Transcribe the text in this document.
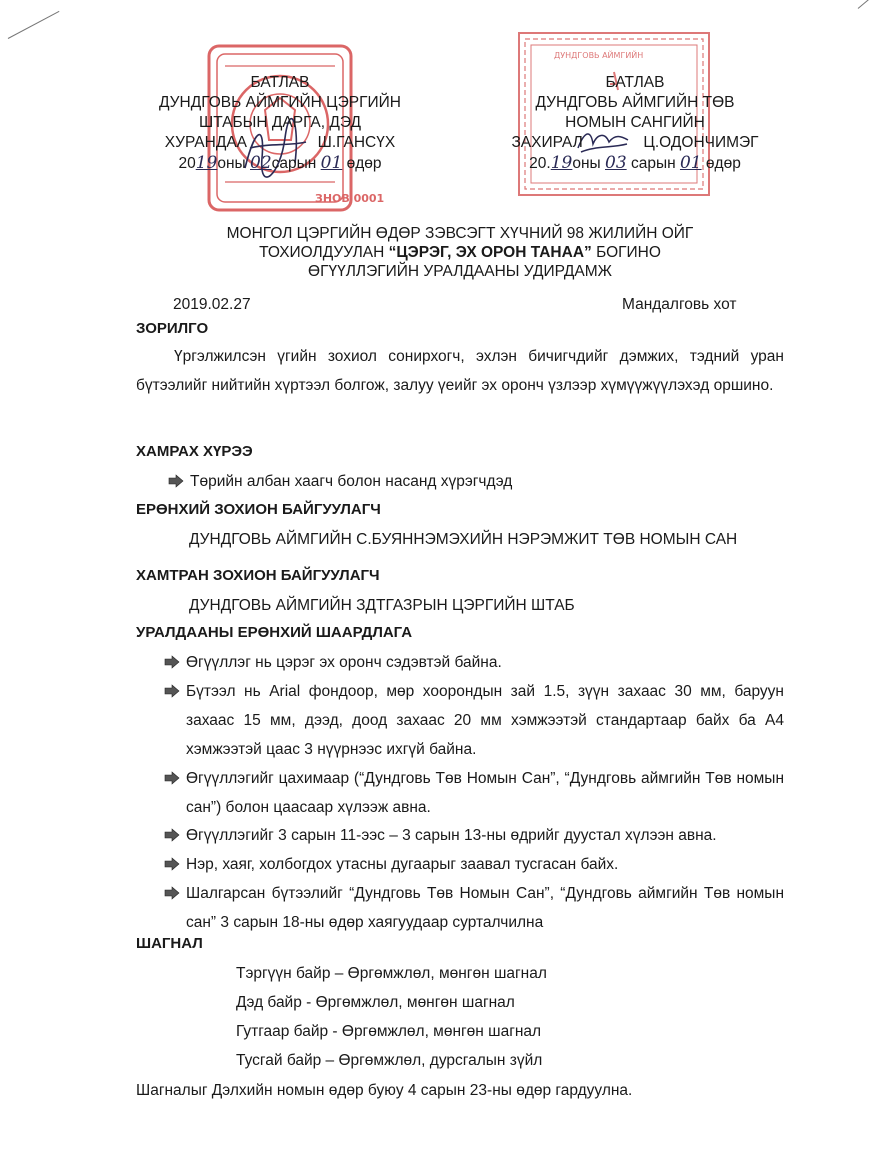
ЗНОВ 0001
ДУНДГОВЬ АЙМГИЙН
БАТЛАВ
ДУНДГОВЬ АЙМГИЙН ЦЭРГИЙН
ШТАБЫН ДАРГА, ДЭД
ХУРАНДАА	Ш.ГАНСҮХ
2019оны 02сарын 01 өдөр
БАТЛАВ
ДУНДГОВЬ АЙМГИЙН ТӨВ
НОМЫН САНГИЙН
ЗАХИРАЛ	Ц.ОДОНЧИМЭГ
20.19оны 03 сарын 01 өдөр
МОНГОЛ ЦЭРГИЙН ӨДӨР ЗЭВСЭГТ ХҮЧНИЙ 98 ЖИЛИЙН ОЙГ
ТОХИОЛДУУЛАН “ЦЭРЭГ, ЭХ ОРОН ТАНАА” БОГИНО
ӨГҮҮЛЛЭГИЙН УРАЛДААНЫ УДИРДАМЖ
2019.02.27	Мандалговь хот
ЗОРИЛГО

Үргэлжилсэн үгийн зохиол сонирхогч, эхлэн бичигчдийг дэмжих, тэдний уран бүтээлийг нийтийн хүртээл болгож, залуу үеийг эх оронч үзлээр хүмүүжүүлэхэд оршино.

ХАМРАХ ХҮРЭЭ
Төрийн албан хаагч болон насанд хүрэгчдэд
ЕРӨНХИЙ ЗОХИОН БАЙГУУЛАГЧ
ДУНДГОВЬ АЙМГИЙН С.БУЯННЭМЭХИЙН НЭРЭМЖИТ ТӨВ НОМЫН САН
ХАМТРАН ЗОХИОН БАЙГУУЛАГЧ
ДУНДГОВЬ АЙМГИЙН ЗДТГАЗРЫН ЦЭРГИЙН ШТАБ
УРАЛДААНЫ ЕРӨНХИЙ ШААРДЛАГА
Өгүүллэг нь цэрэг эх оронч сэдэвтэй байна.
Бүтээл нь Arial фондоор, мөр хоорондын зай 1.5, зүүн захаас 30 мм, баруун захаас 15 мм, дээд, доод захаас 20 мм хэмжээтэй стандартаар байх ба А4 хэмжээтэй цаас 3 нүүрнээс ихгүй байна.
Өгүүллэгийг цахимаар (“Дундговь Төв Номын Сан”, “Дундговь аймгийн Төв номын сан”) болон цаасаар хүлээж авна.
Өгүүллэгийг 3 сарын 11-ээс – 3 сарын 13-ны өдрийг дуустал хүлээн авна.
Нэр, хаяг, холбогдох утасны дугаарыг заавал тусгасан байх.
Шалгарсан бүтээлийг “Дундговь Төв Номын Сан”, “Дундговь аймгийн Төв номын сан” 3 сарын 18-ны өдөр хаягуудаар сурталчилна
ШАГНАЛ
Тэргүүн байр – Өргөмжлөл, мөнгөн шагнал
Дэд байр - Өргөмжлөл, мөнгөн шагнал
Гутгаар байр - Өргөмжлөл, мөнгөн шагнал
Тусгай байр – Өргөмжлөл, дурсгалын зүйл
Шагналыг Дэлхийн номын өдөр буюу 4 сарын 23-ны өдөр гардуулна.
